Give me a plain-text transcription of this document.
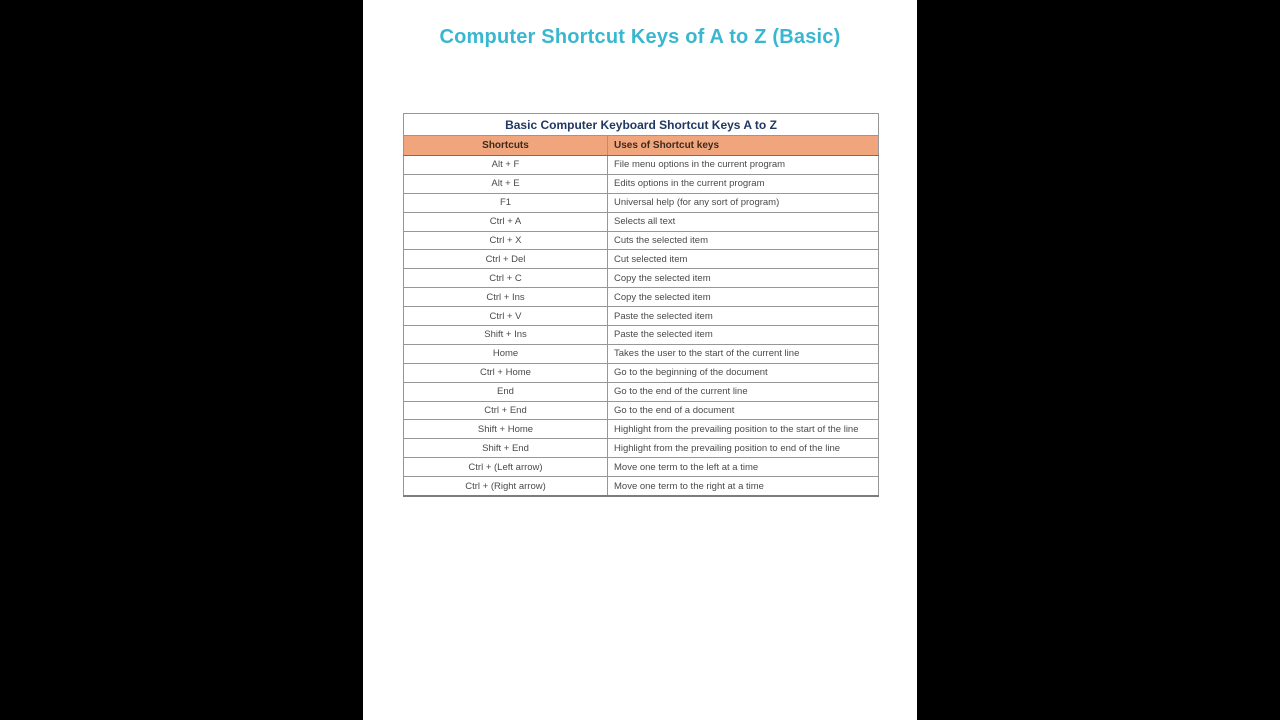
Computer Shortcut Keys of A to Z (Basic)
Basic Computer Keyboard Shortcut Keys A to Z	
Shortcuts	Uses of Shortcut keys
Alt + F	File menu options in the current program
Alt + E	Edits options in the current program
F1	Universal help (for any sort of program)
Ctrl + A	Selects all text
Ctrl + X	Cuts the selected item
Ctrl + Del	Cut selected item
Ctrl + C	Copy the selected item
Ctrl + Ins	Copy the selected item
Ctrl + V	Paste the selected item
Shift + Ins	Paste the selected item
Home	Takes the user to the start of the current line
Ctrl + Home	Go to the beginning of the document
End	Go to the end of the current line
Ctrl + End	Go to the end of a document
Shift + Home	Highlight from the prevailing position to the start of the line
Shift + End	Highlight from the prevailing position to end of the line
Ctrl + (Left arrow)	Move one term to the left at a time
Ctrl + (Right arrow)	Move one term to the right at a time
